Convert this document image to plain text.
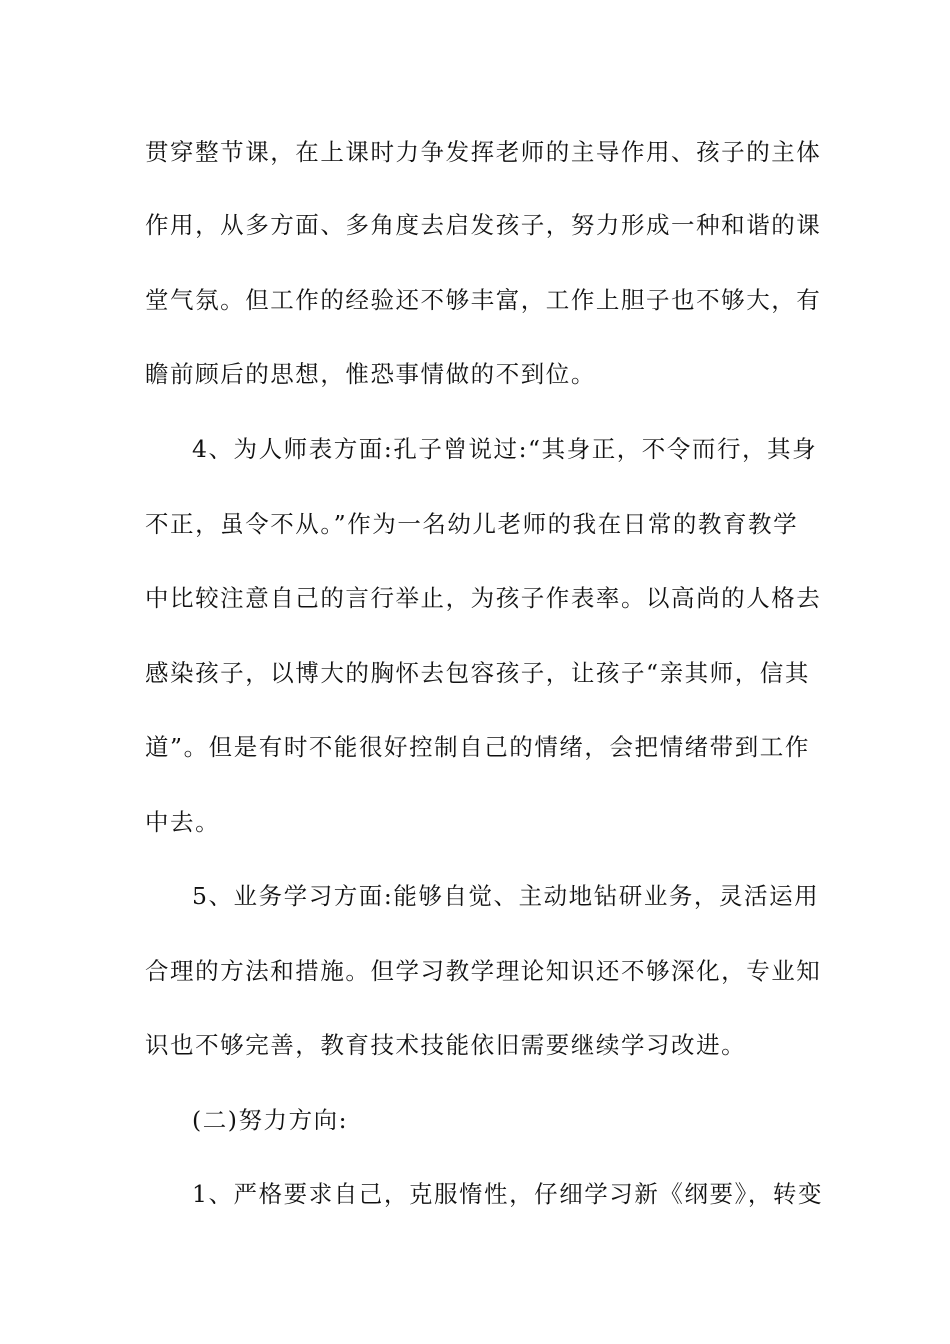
贯穿整节课，在上课时力争发挥老师的主导作用、孩子的主体
作用，从多方面、多角度去启发孩子，努力形成一种和谐的课
堂气氛。但工作的经验还不够丰富，工作上胆子也不够大，有
瞻前顾后的思想，惟恐事情做的不到位。
4、为人师表方面:孔子曾说过:“其身正，不令而行，其身
不正，虽令不从。”作为一名幼儿老师的我在日常的教育教学
中比较注意自己的言行举止，为孩子作表率。以高尚的人格去
感染孩子，以博大的胸怀去包容孩子，让孩子“亲其师，信其
道”。但是有时不能很好控制自己的情绪，会把情绪带到工作
中去。
5、业务学习方面:能够自觉、主动地钻研业务，灵活运用
合理的方法和措施。但学习教学理论知识还不够深化，专业知
识也不够完善，教育技术技能依旧需要继续学习改进。
(二)努力方向:
1、严格要求自己，克服惰性，仔细学习新《纲要》，转变
